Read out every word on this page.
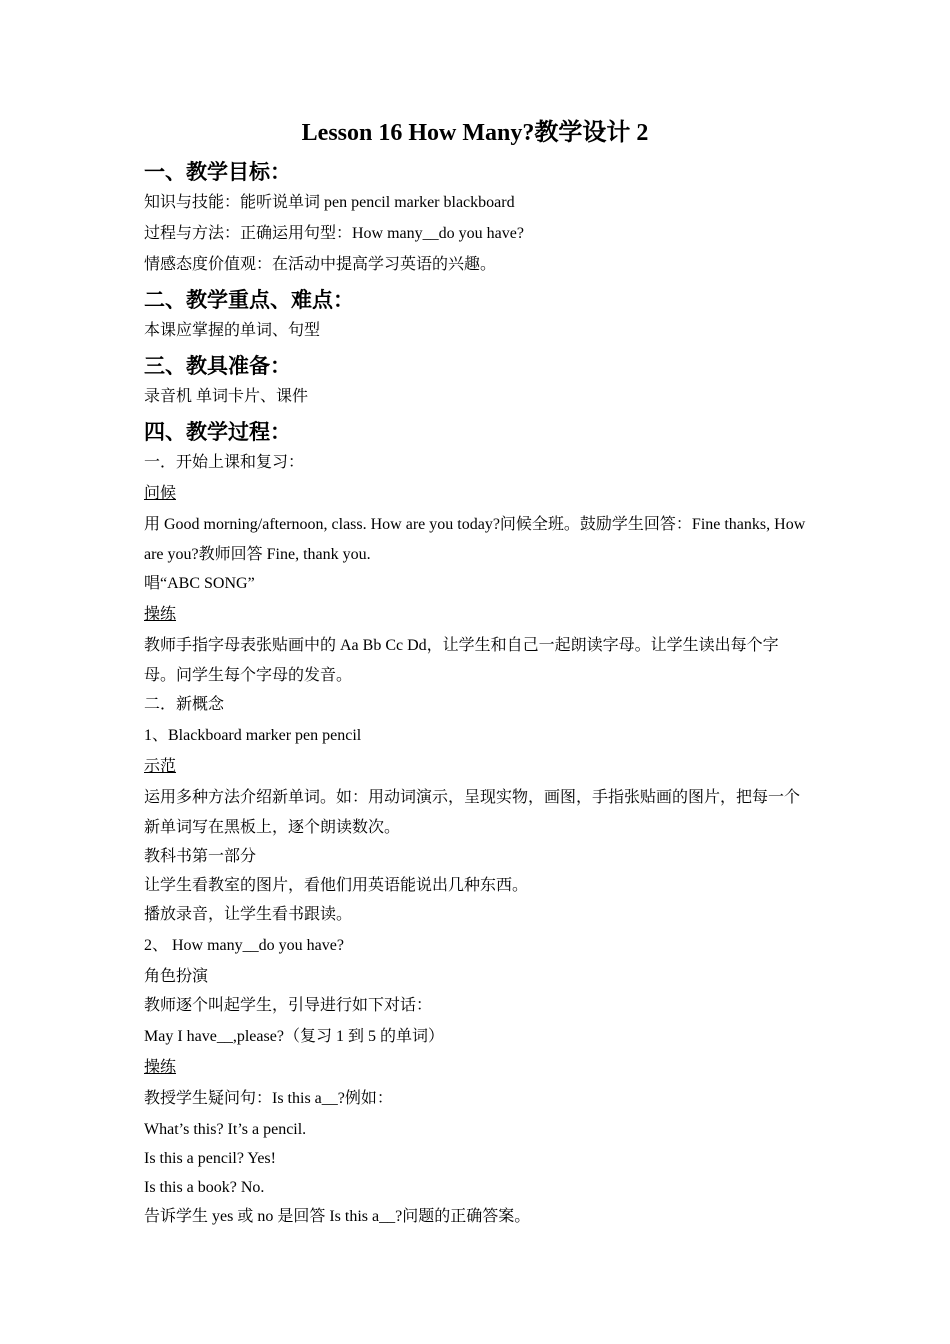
Lesson 16 How Many?教学设计 2
一、教学目标：
知识与技能：能听说单词 pen pencil marker blackboard
过程与方法：正确运用句型：How many__do you have?
情感态度价值观：在活动中提高学习英语的兴趣。
二、教学重点、难点：
本课应掌握的单词、句型
三、教具准备：
录音机 单词卡片、课件
四、教学过程：
一．开始上课和复习：
问候
用 Good morning/afternoon, class. How are you today?问候全班。鼓励学生回答：Fine thanks, How are you?教师回答 Fine, thank you.
唱“ABC SONG”
操练
教师手指字母表张贴画中的 Aa Bb Cc Dd，让学生和自己一起朗读字母。让学生读出每个字母。问学生每个字母的发音。
二．新概念
1、Blackboard marker pen pencil
示范
运用多种方法介绍新单词。如：用动词演示，呈现实物，画图，手指张贴画的图片，把每一个新单词写在黑板上，逐个朗读数次。
教科书第一部分
让学生看教室的图片，看他们用英语能说出几种东西。
播放录音，让学生看书跟读。
2、 How many__do you have?
角色扮演
教师逐个叫起学生，引导进行如下对话：
May I have__,please?（复习 1 到 5 的单词）
操练
教授学生疑问句：Is this a__?例如：
What’s this? It’s a pencil.
Is this a pencil? Yes!
Is this a book? No.
告诉学生 yes 或 no 是回答 Is this a__?问题的正确答案。
